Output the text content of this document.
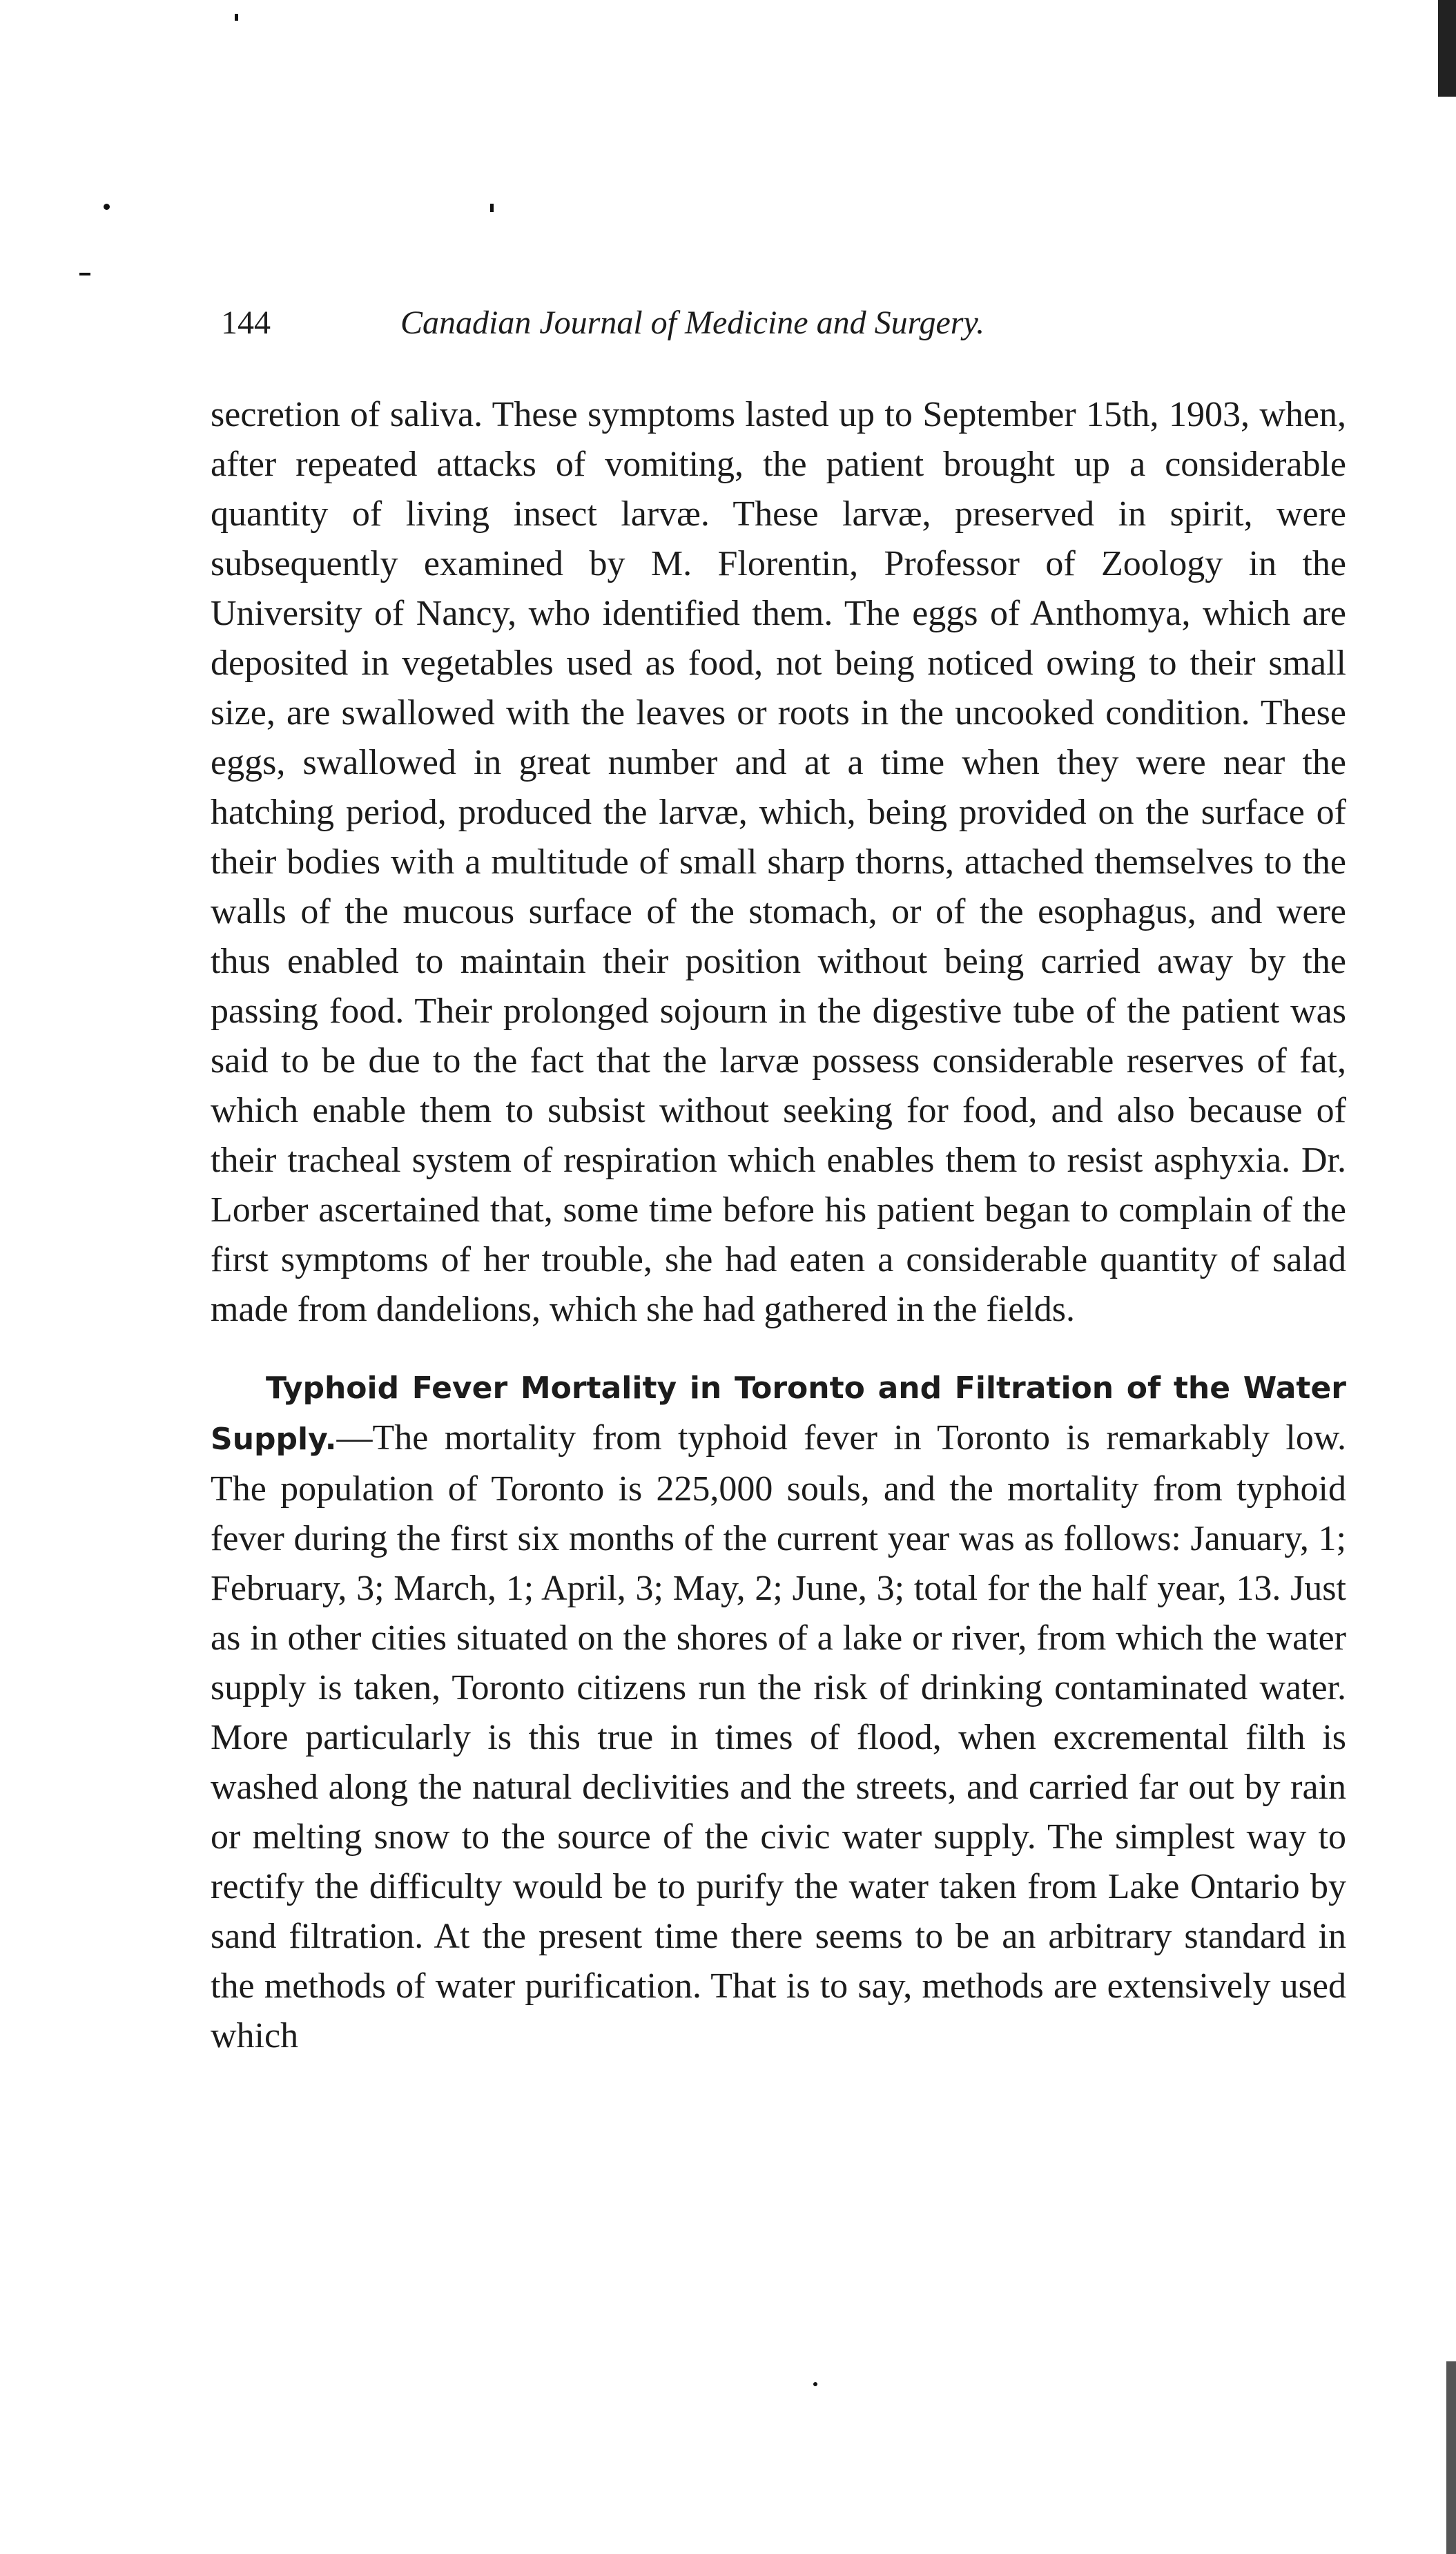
144	Canadian Journal of Medicine and Surgery.

secretion of saliva. These symptoms lasted up to September 15th, 1903, when, after repeated attacks of vomiting, the patient brought up a considerable quantity of living insect larvæ. These larvæ, preserved in spirit, were subsequently examined by M. Florentin, Professor of Zoology in the University of Nancy, who identified them. The eggs of Anthomya, which are deposited in vegetables used as food, not being noticed owing to their small size, are swallowed with the leaves or roots in the uncooked condition. These eggs, swallowed in great number and at a time when they were near the hatching period, produced the larvæ, which, being provided on the surface of their bodies with a multitude of small sharp thorns, attached themselves to the walls of the mucous surface of the stomach, or of the esophagus, and were thus enabled to maintain their position without being carried away by the passing food. Their prolonged sojourn in the digestive tube of the patient was said to be due to the fact that the larvæ possess considerable reserves of fat, which enable them to subsist without seeking for food, and also because of their tracheal system of respiration which enables them to resist asphyxia. Dr. Lorber ascertained that, some time before his patient began to complain of the first symptoms of her trouble, she had eaten a considerable quantity of salad made from dandelions, which she had gathered in the fields.

Typhoid Fever Mortality in Toronto and Filtration of the Water Supply.—The mortality from typhoid fever in Toronto is remarkably low. The population of Toronto is 225,000 souls, and the mortality from typhoid fever during the first six months of the current year was as follows: January, 1; February, 3; March, 1; April, 3; May, 2; June, 3; total for the half year, 13. Just as in other cities situated on the shores of a lake or river, from which the water supply is taken, Toronto citizens run the risk of drinking contaminated water. More particularly is this true in times of flood, when excremental filth is washed along the natural declivities and the streets, and carried far out by rain or melting snow to the source of the civic water supply. The simplest way to rectify the difficulty would be to purify the water taken from Lake Ontario by sand filtration. At the present time there seems to be an arbitrary standard in the methods of water purification. That is to say, methods are extensively used which
